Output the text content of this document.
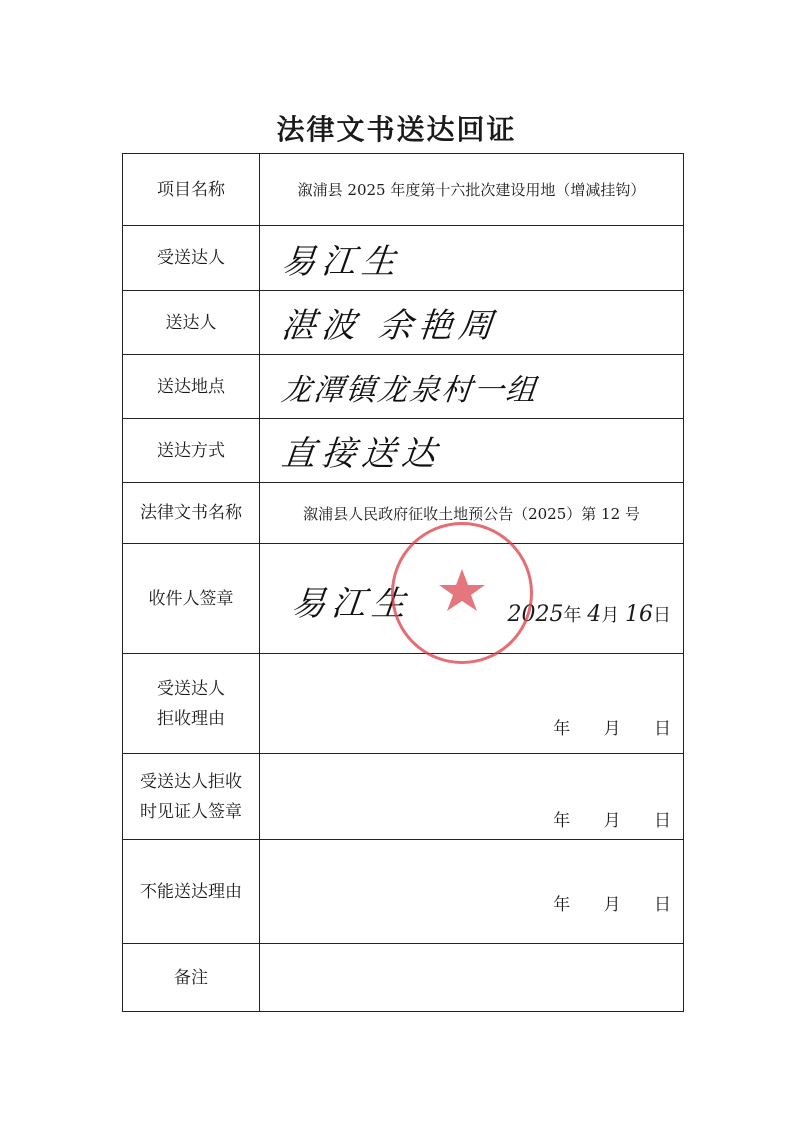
法律文书送达回证
项目名称	溆浦县 2025 年度第十六批次建设用地（增减挂钩）
受送达人	易江生
送达人	湛波 余艳周
送达地点	龙潭镇龙泉村一组
送达方式	直接送达
法律文书名称	溆浦县人民政府征收土地预公告（2025）第 12 号
收件人签章	易江生 2025年 4月 16日

受送达人
拒收理由	年 月 日

受送达人拒收
时见证人签章	年 月 日

不能送达理由	年 月 日

备注	
